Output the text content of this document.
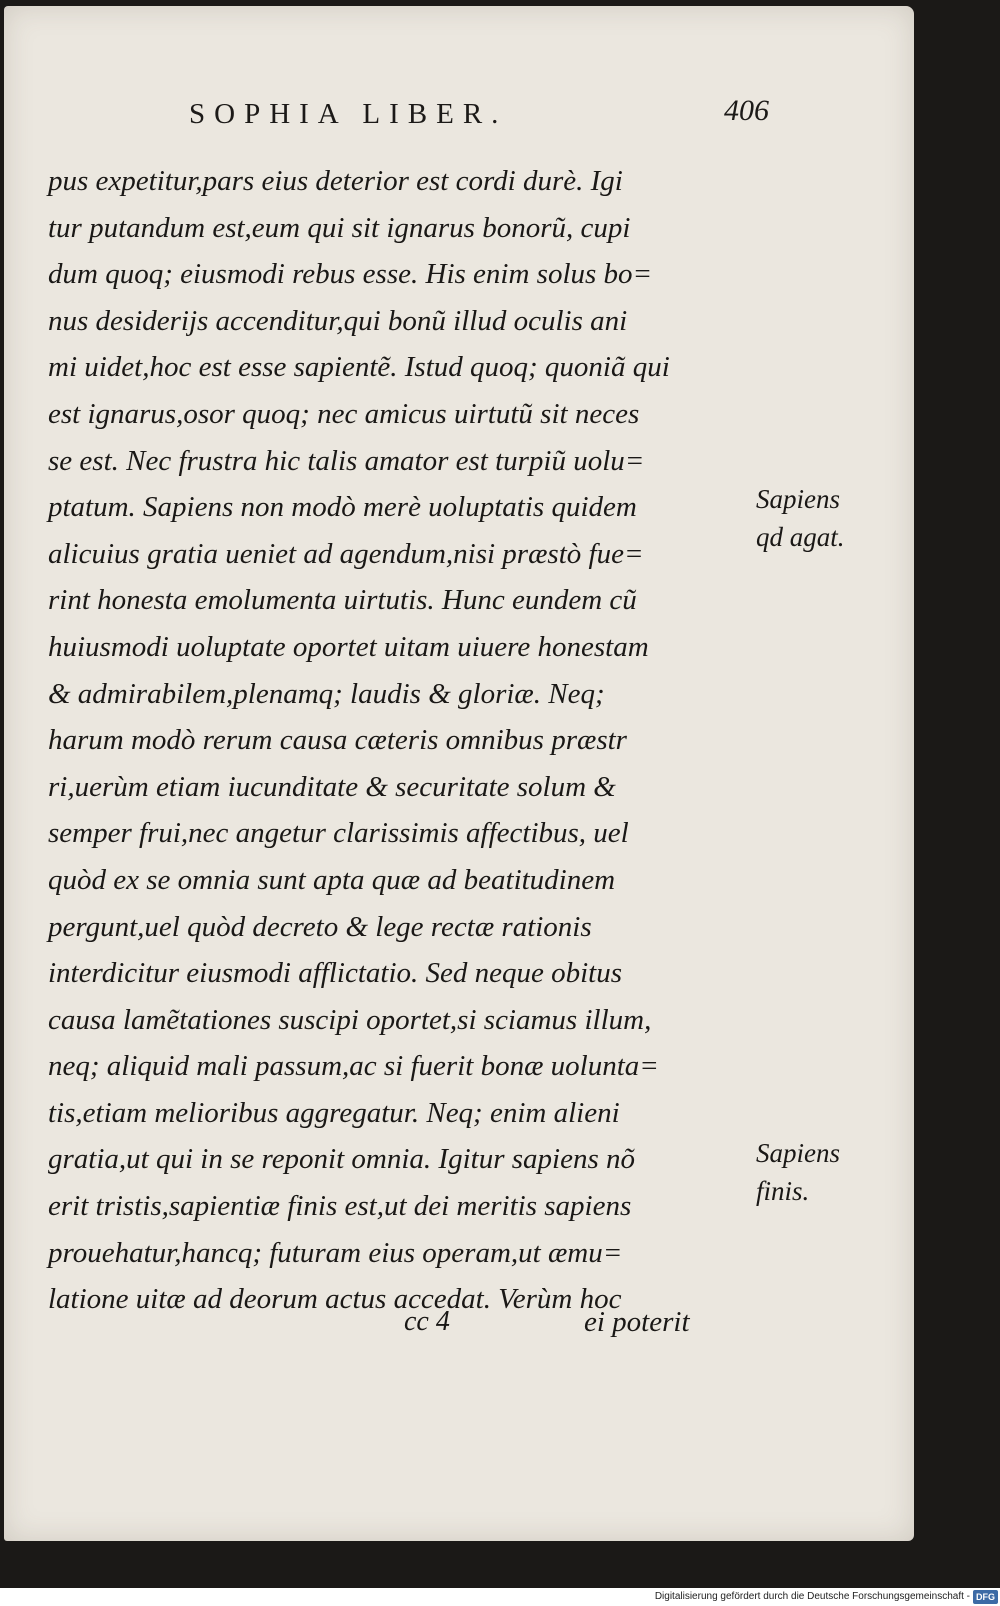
SOPHIA LIBER.	406
pus expetitur,pars eius deterior est cordi durè. Igi
tur putandum est,eum qui sit ignarus bonorũ, cupi
dum quoq; eiusmodi rebus esse. His enim solus bo=
nus desiderijs accenditur,qui bonũ illud oculis ani
mi uidet,hoc est esse sapientẽ. Istud quoq; quoniã qui
est ignarus,osor quoq; nec amicus uirtutũ sit neces
se est. Nec frustra hic talis amator est turpiũ uolu=
ptatum. Sapiens non modò merè uoluptatis quidem
alicuius gratia ueniet ad agendum,nisi præstò fue=
rint honesta emolumenta uirtutis. Hunc eundem cũ
huiusmodi uoluptate oportet uitam uiuere honestam
& admirabilem,plenamq; laudis & gloriæ. Neq;
harum modò rerum causa cæteris omnibus præstr
ri,uerùm etiam iucunditate & securitate solum &
semper frui,nec angetur clarissimis affectibus, uel
quòd ex se omnia sunt apta quæ ad beatitudinem
pergunt,uel quòd decreto & lege rectæ rationis
interdicitur eiusmodi afflictatio. Sed neque obitus
causa lamẽtationes suscipi oportet,si sciamus illum,
neq; aliquid mali passum,ac si fuerit bonæ uolunta=
tis,etiam melioribus aggregatur. Neq; enim alieni
gratia,ut qui in se reponit omnia. Igitur sapiens nõ
erit tristis,sapientiæ finis est,ut dei meritis sapiens
prouehatur,hancq; futuram eius operam,ut æmu=
latione uitæ ad deorum actus accedat. Verùm hoc
Sapiens
qd agat.
Sapiens
finis.
cc 4	ei poterit
Digitalisierung gefördert durch die Deutsche Forschungsgemeinschaft - DFG
